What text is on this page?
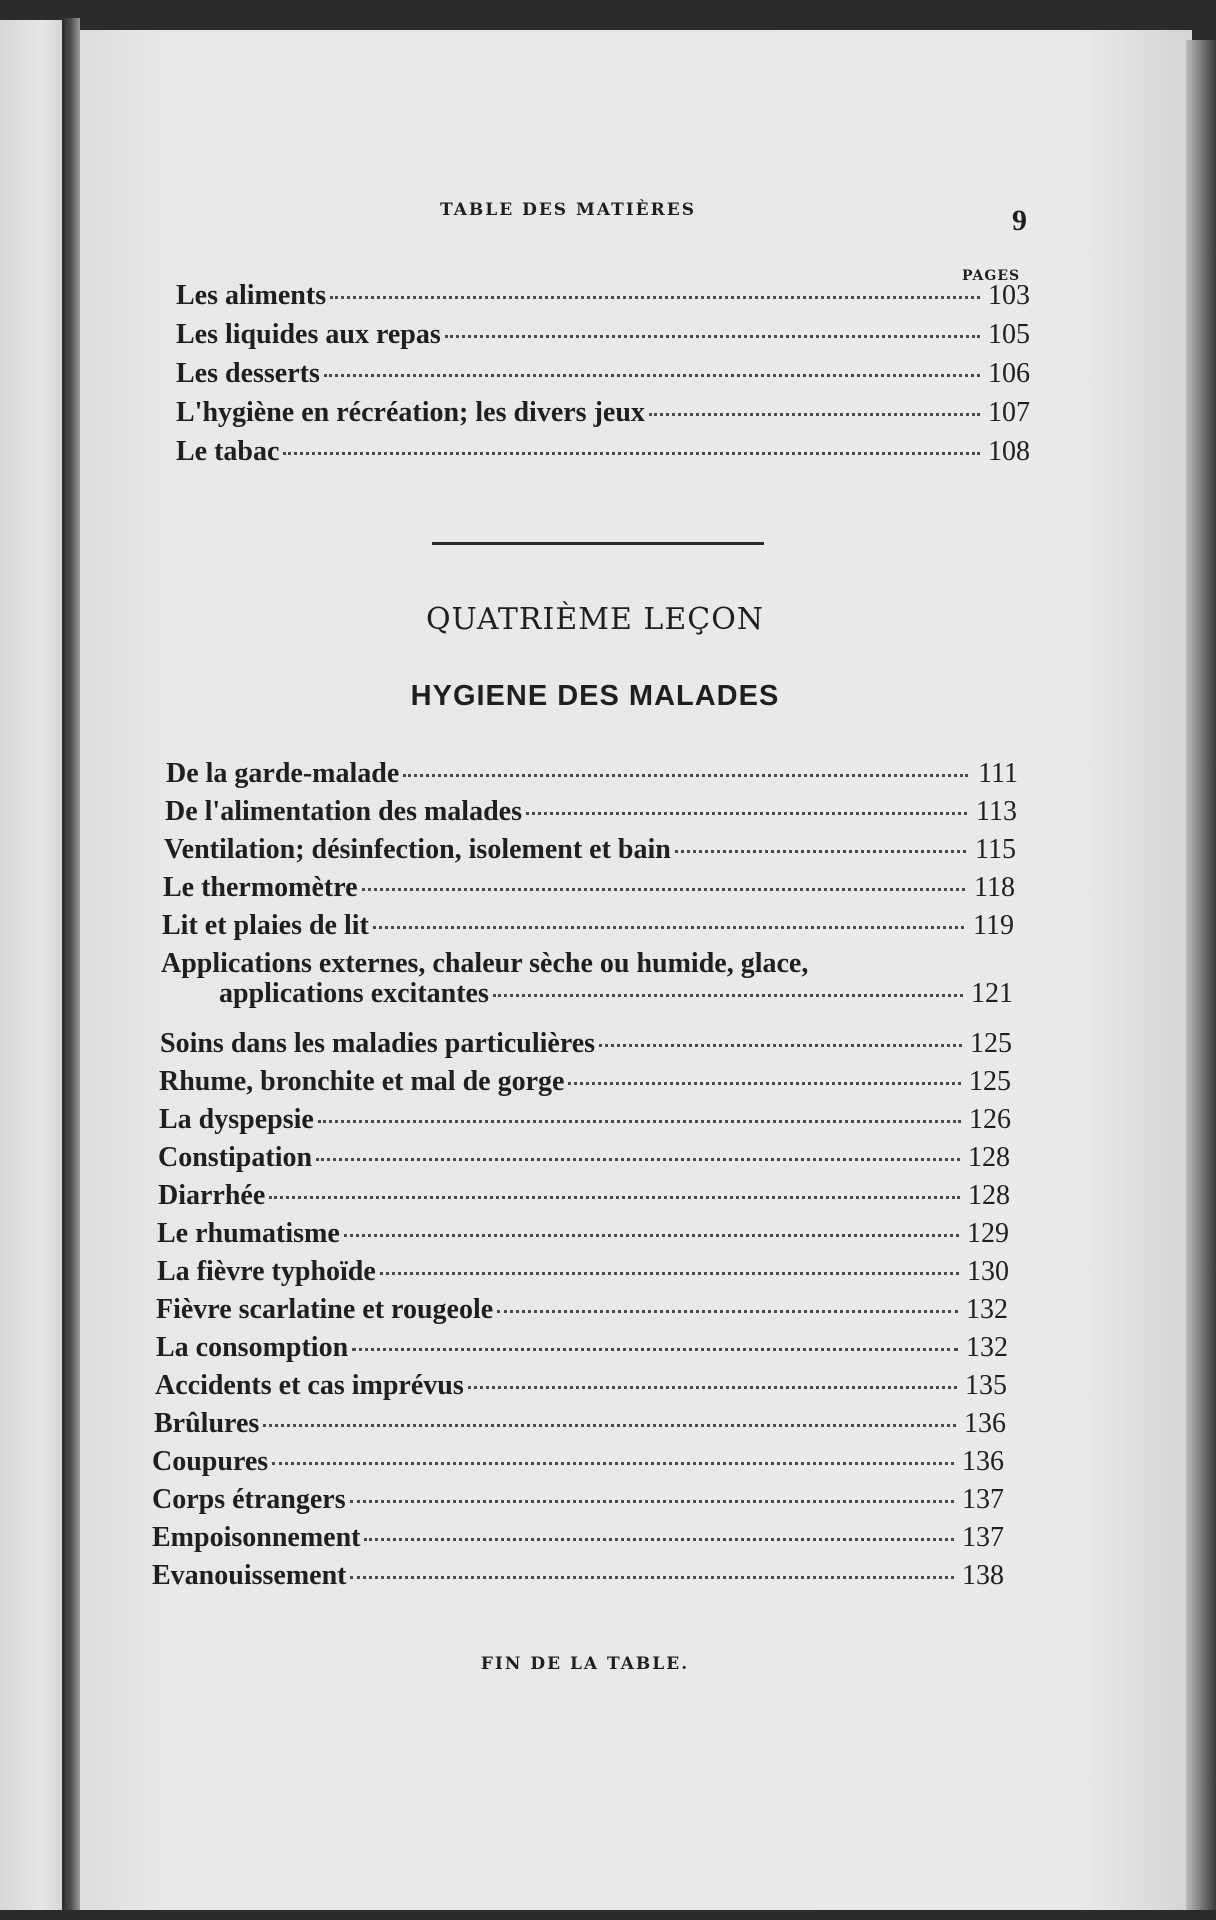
TABLE DES MATIÈRES	9
PAGES
Les aliments	103
Les liquides aux repas	105
Les desserts	106
L'hygiène en récréation; les divers jeux	107
Le tabac	108
QUATRIÈME LEÇON
HYGIENE DES MALADES
De la garde-malade	111
De l'alimentation des malades	113
Ventilation; désinfection, isolement et bain	115
Le thermomètre	118
Lit et plaies de lit	119
Applications externes, chaleur sèche ou humide, glace,
applications excitantes	121
Soins dans les maladies particulières	125
Rhume, bronchite et mal de gorge	125
La dyspepsie	126
Constipation	128
Diarrhée	128
Le rhumatisme	129
La fièvre typhoïde	130
Fièvre scarlatine et rougeole	132
La consomption	132
Accidents et cas imprévus	135
Brûlures	136
Coupures	136
Corps étrangers	137
Empoisonnement	137
Evanouissement	138
FIN DE LA TABLE.
